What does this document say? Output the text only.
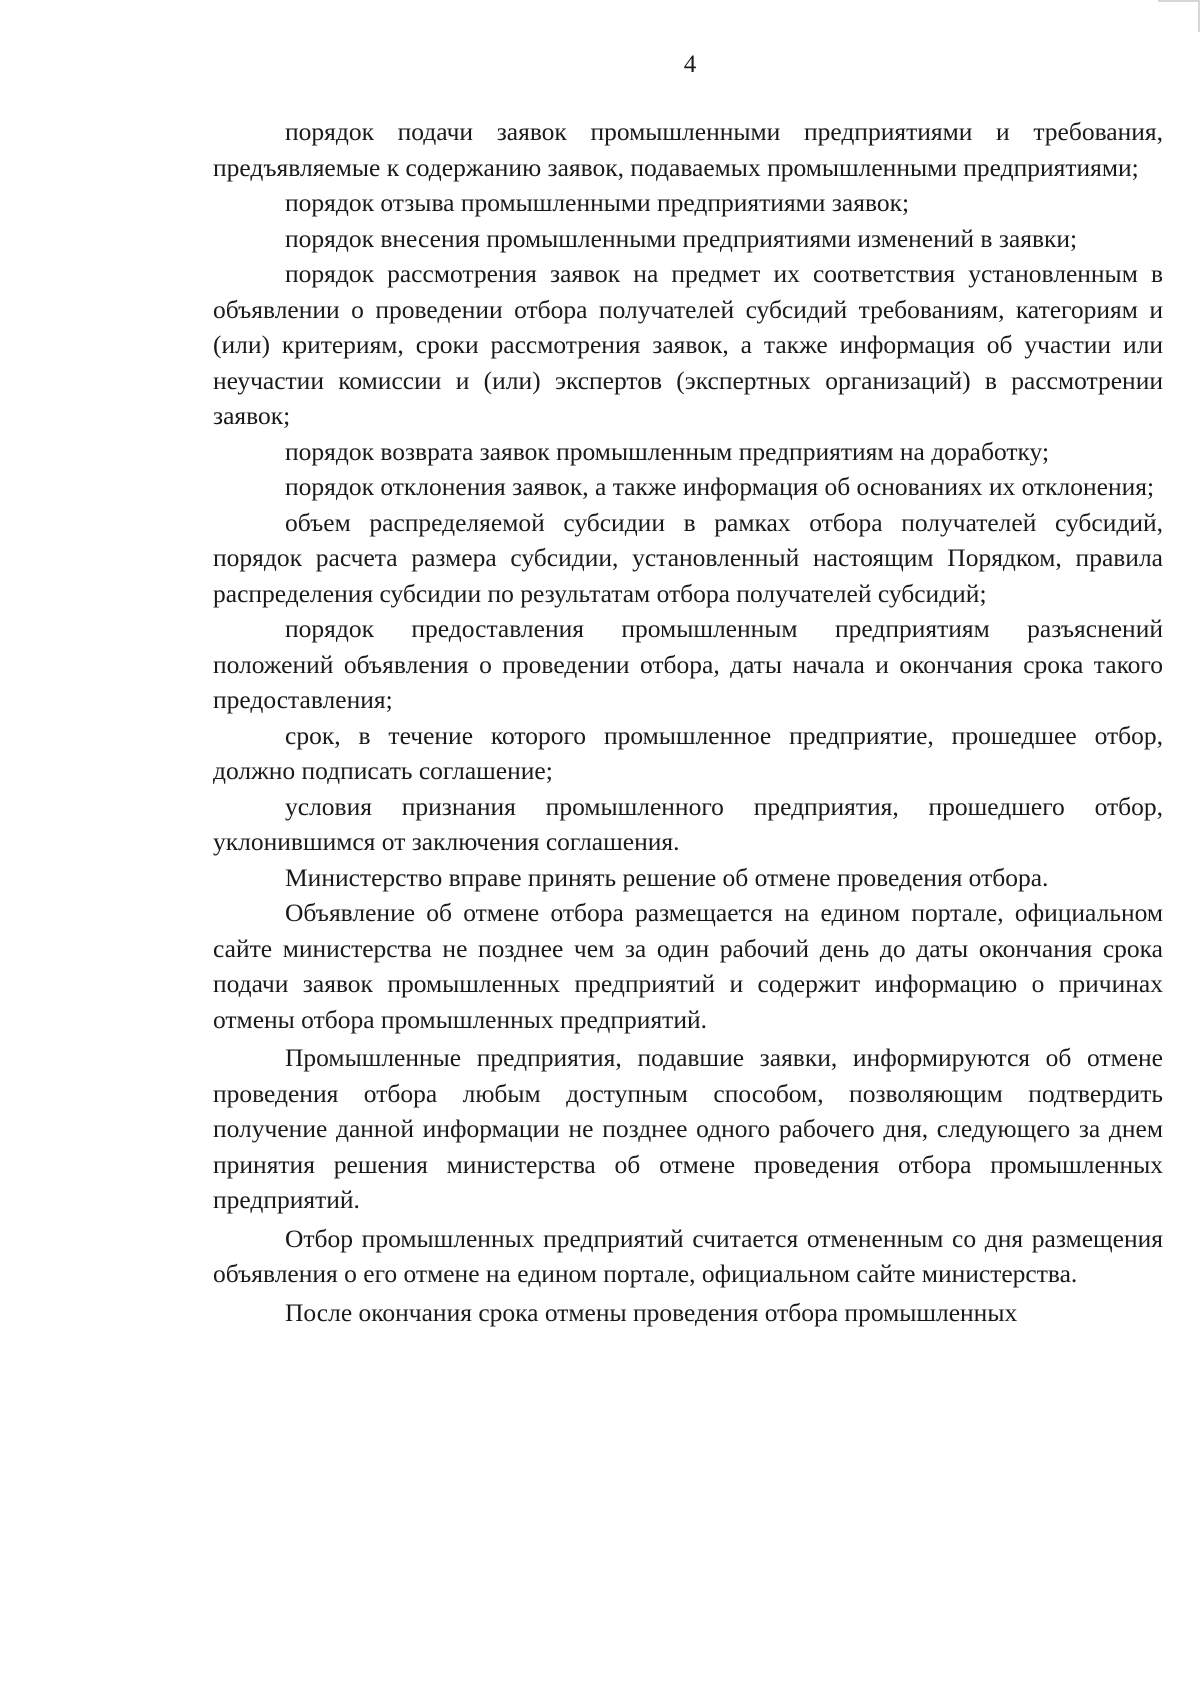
4

порядок подачи заявок промышленными предприятиями и требования, предъявляемые к содержанию заявок, подаваемых промышленными предприятиями;

порядок отзыва промышленными предприятиями заявок;

порядок внесения промышленными предприятиями изменений в заявки;

порядок рассмотрения заявок на предмет их соответствия установленным в объявлении о проведении отбора получателей субсидий требованиям, категориям и (или) критериям, сроки рассмотрения заявок, а также информация об участии или неучастии комиссии и (или) экспертов (экспертных организаций) в рассмотрении заявок;

порядок возврата заявок промышленным предприятиям на доработку;

порядок отклонения заявок, а также информация об основаниях их отклонения;

объем распределяемой субсидии в рамках отбора получателей субсидий, порядок расчета размера субсидии, установленный настоящим Порядком, правила распределения субсидии по результатам отбора получателей субсидий;

порядок предоставления промышленным предприятиям разъяснений положений объявления о проведении отбора, даты начала и окончания срока такого предоставления;

срок, в течение которого промышленное предприятие, прошедшее отбор, должно подписать соглашение;

условия признания промышленного предприятия, прошедшего отбор, уклонившимся от заключения соглашения.

Министерство вправе принять решение об отмене проведения отбора.

Объявление об отмене отбора размещается на едином портале, официальном сайте министерства не позднее чем за один рабочий день до даты окончания срока подачи заявок промышленных предприятий и содержит информацию о причинах отмены отбора промышленных предприятий.

Промышленные предприятия, подавшие заявки, информируются об отмене проведения отбора любым доступным способом, позволяющим подтвердить получение данной информации не позднее одного рабочего дня, следующего за днем принятия решения министерства об отмене проведения отбора промышленных предприятий.

Отбор промышленных предприятий считается отмененным со дня размещения объявления о его отмене на едином портале, официальном сайте министерства.

После окончания срока отмены проведения отбора промышленных
